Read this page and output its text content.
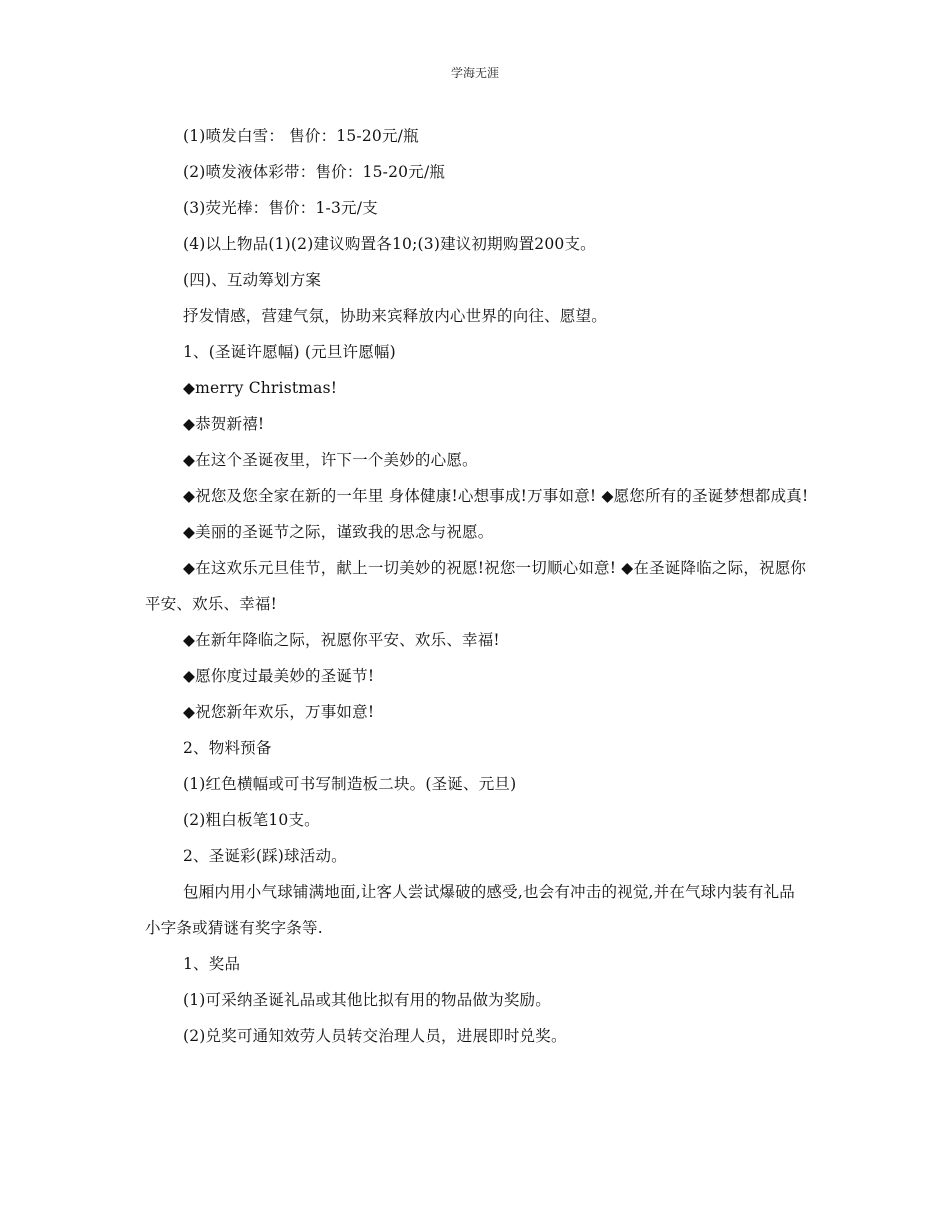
学海无涯

(1)喷发白雪： 售价：15-20元/瓶

(2)喷发液体彩带：售价：15-20元/瓶

(3)荧光棒：售价：1-3元/支

(4)以上物品(1)(2)建议购置各10;(3)建议初期购置200支。

(四)、互动筹划方案

抒发情感，营建气氛，协助来宾释放内心世界的向往、愿望。

1、(圣诞许愿幅) (元旦许愿幅)

◆merry Christmas!

◆恭贺新禧!

◆在这个圣诞夜里，许下一个美妙的心愿。

◆祝您及您全家在新的一年里 身体健康!心想事成!万事如意! ◆愿您所有的圣诞梦想都成真!

◆美丽的圣诞节之际，谨致我的思念与祝愿。

◆在这欢乐元旦佳节，献上一切美妙的祝愿!祝您一切顺心如意! ◆在圣诞降临之际，祝愿你平安、欢乐、幸福!

◆在新年降临之际，祝愿你平安、欢乐、幸福!

◆愿你度过最美妙的圣诞节!

◆祝您新年欢乐，万事如意!

2、物料预备

(1)红色横幅或可书写制造板二块。(圣诞、元旦)

(2)粗白板笔10支。

2、圣诞彩(踩)球活动。

包厢内用小气球铺满地面,让客人尝试爆破的感受,也会有冲击的视觉,并在气球内装有礼品小字条或猜谜有奖字条等.

1、奖品

(1)可采纳圣诞礼品或其他比拟有用的物品做为奖励。

(2)兑奖可通知效劳人员转交治理人员，进展即时兑奖。
